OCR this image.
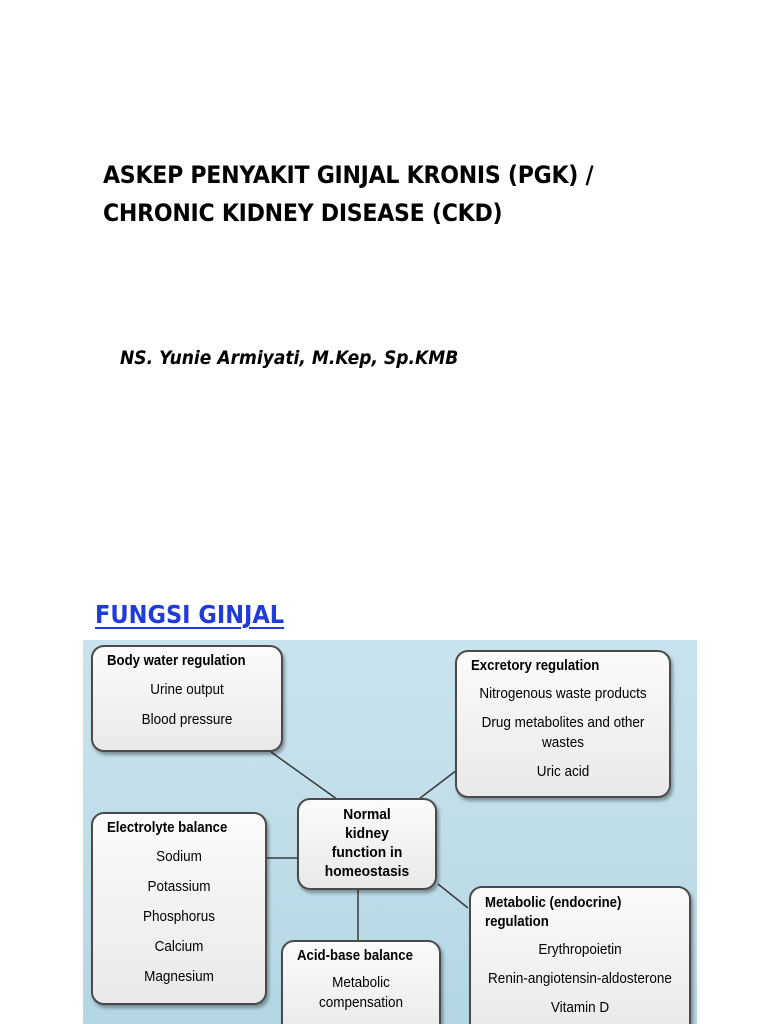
ASKEP PENYAKIT GINJAL KRONIS (PGK) /
CHRONIC KIDNEY DISEASE (CKD)
NS. Yunie Armiyati, M.Kep, Sp.KMB
FUNGSI GINJAL
Body water regulation
Urine output
Blood pressure
Excretory regulation
Nitrogenous waste products
Drug metabolites and other
wastes
Uric acid
Normal
kidney
function in
homeostasis
Electrolyte balance
Sodium
Potassium
Phosphorus
Calcium
Magnesium
Acid-base balance
Metabolic
compensation
Metabolic (endocrine)
regulation
Erythropoietin
Renin-angiotensin-aldosterone
Vitamin D
